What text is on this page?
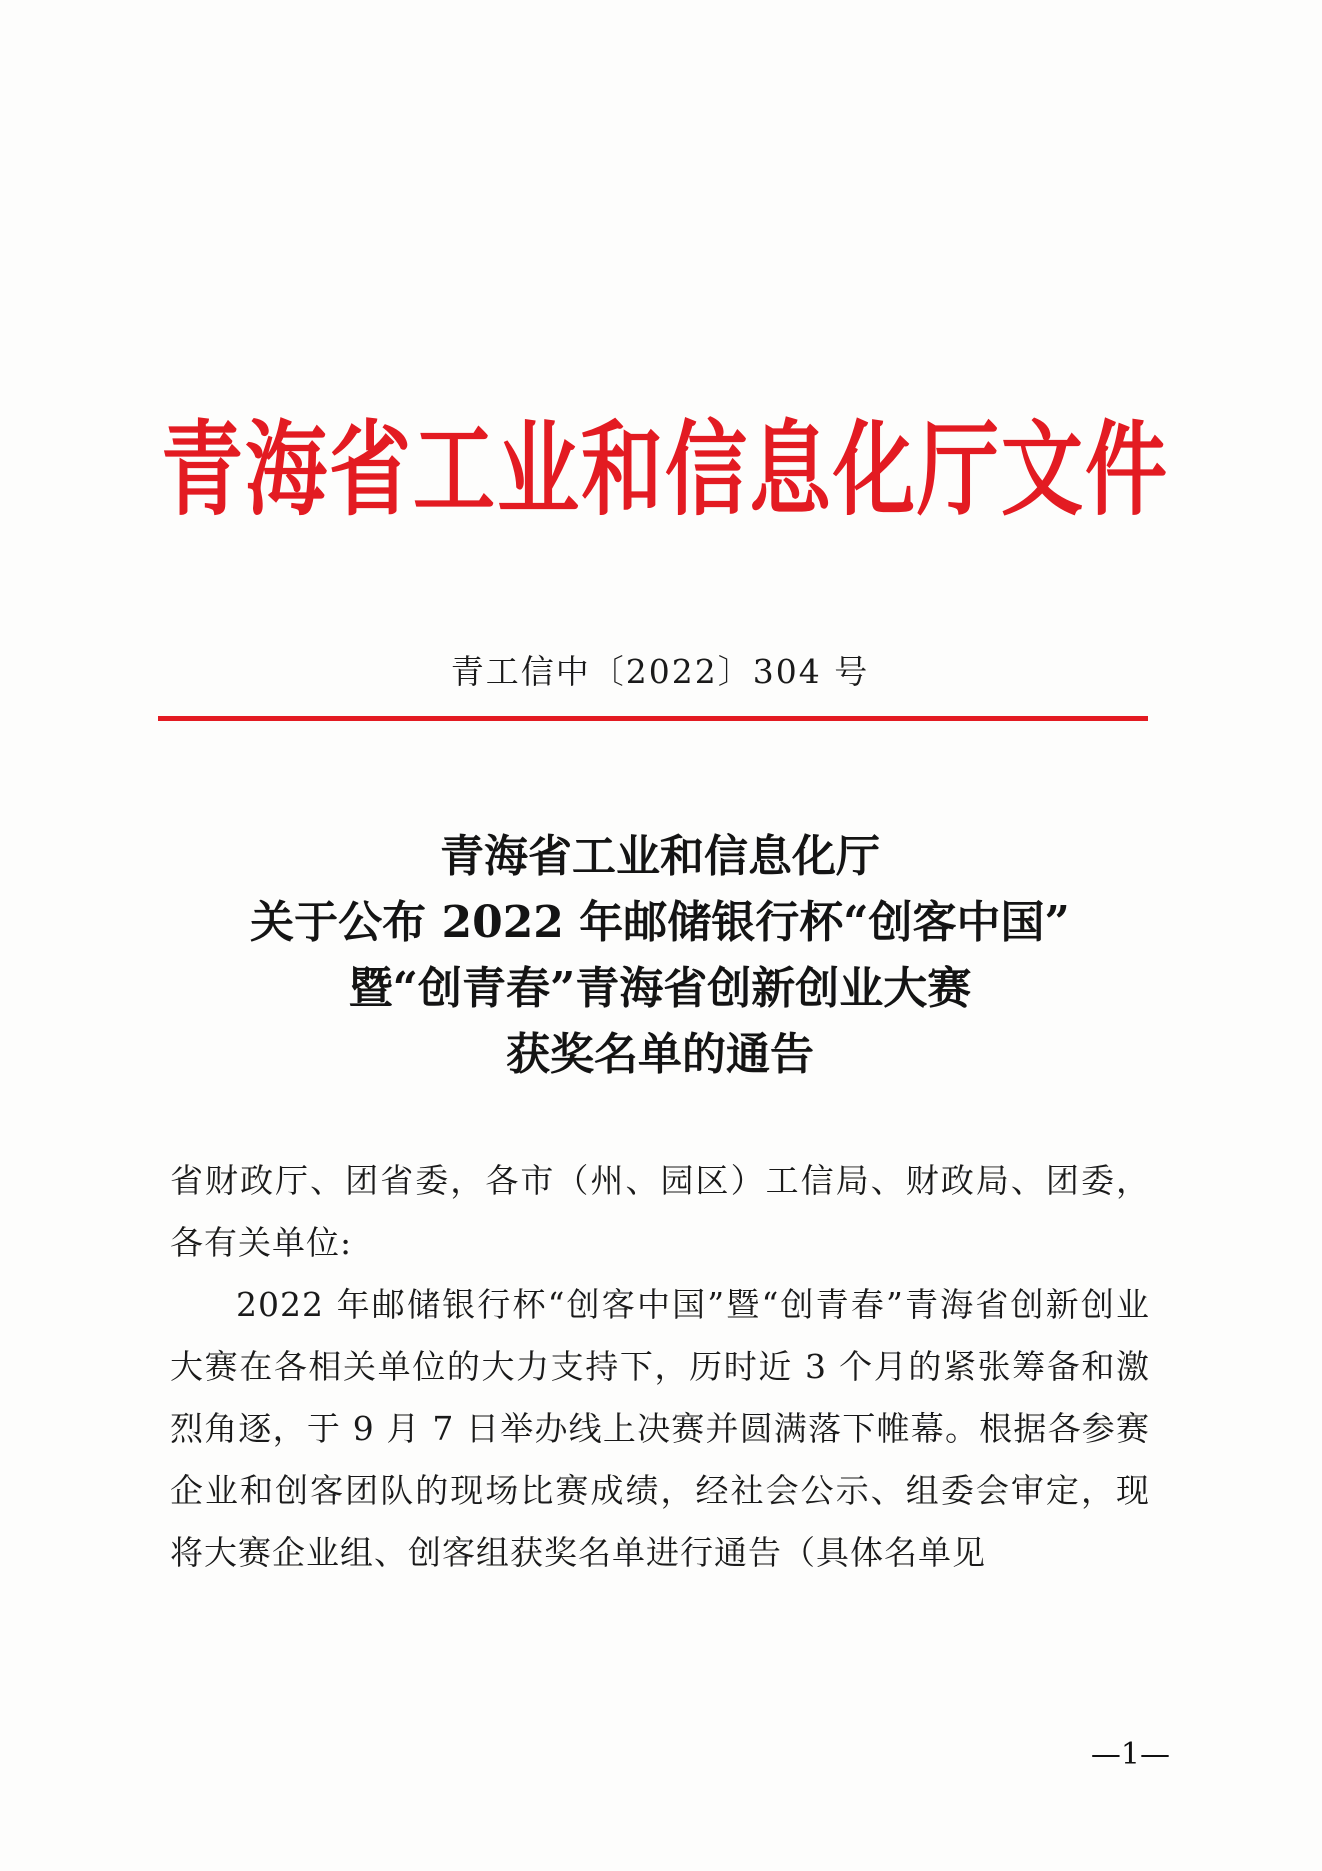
青海省工业和信息化厅文件
青工信中〔2022〕304 号
青海省工业和信息化厅
关于公布 2022 年邮储银行杯“创客中国”
暨“创青春”青海省创新创业大赛
获奖名单的通告

省财政厅、团省委，各市（州、园区）工信局、财政局、团委，各有关单位:

2022 年邮储银行杯“创客中国”暨“创青春”青海省创新创业大赛在各相关单位的大力支持下，历时近 3 个月的紧张筹备和激烈角逐，于 9 月 7 日举办线上决赛并圆满落下帷幕。根据各参赛企业和创客团队的现场比赛成绩，经社会公示、组委会审定，现将大赛企业组、创客组获奖名单进行通告（具体名单见

—1—
